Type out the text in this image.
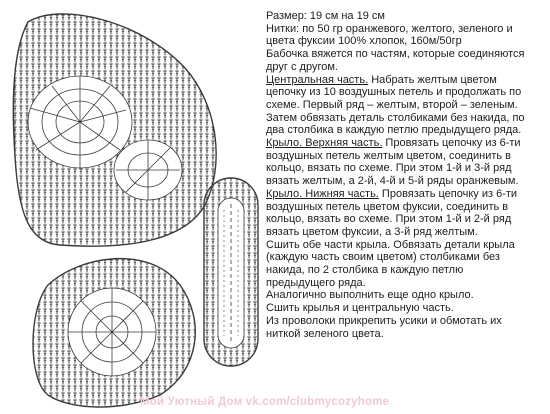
Размер: 19 см на 19 см

Нитки: по 50 гр оранжевого, желтого, зеленого и

цвета фуксии 100% хлопок, 160м/50гр

Бабочка вяжется по частям, которые соединяются

друг с другом.

Центральная часть. Набрать желтым цветом

цепочку из 10 воздушных петель и продолжать по

схеме. Первый ряд – желтым, второй – зеленым.

Затем обвязать деталь столбиками без накида, по

два столбика в каждую петлю предыдущего ряда.

Крыло. Верхняя часть. Провязать цепочку из 6-ти

воздушных петель желтым цветом, соединить в

кольцо, вязать по схеме. При этом 1-й и 3-й ряд

вязать желтым, а 2-й, 4-й и 5-й ряды оранжевым.

Крыло. Нижняя часть. Провязать цепочку из 6-ти

воздушных петель цветом фуксии, соединить в

кольцо, вязать во схеме. При этом 1-й и 2-й ряд

вязать цветом фуксии, а 3-й ряд желтым.

Сшить обе части крыла. Обвязать детали крыла

(каждую часть своим цветом) столбиками без

накида, по 2 столбика в каждую петлю

предыдущего ряда.

Аналогично выполнить еще одно крыло.

Сшить крылья и центральную часть.

Из проволоки прикрепить усики и обмотать их

ниткой зеленого цвета.

Мой Уютный Дом vk.com/clubmycozyhome
